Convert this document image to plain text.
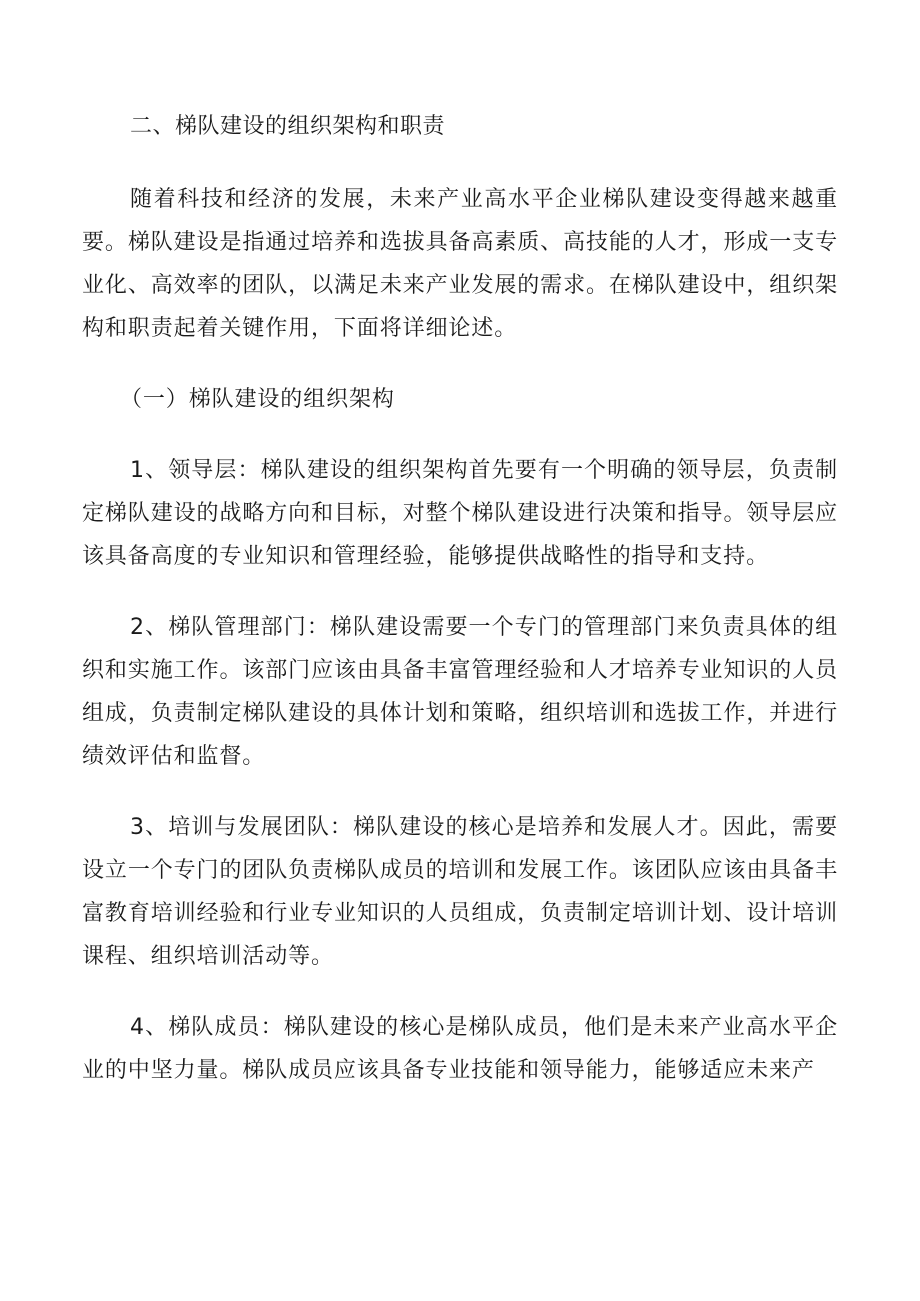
二、梯队建设的组织架构和职责

随着科技和经济的发展，未来产业高水平企业梯队建设变得越来越重要。梯队建设是指通过培养和选拔具备高素质、高技能的人才，形成一支专业化、高效率的团队，以满足未来产业发展的需求。在梯队建设中，组织架构和职责起着关键作用，下面将详细论述。

（一）梯队建设的组织架构

1、领导层：梯队建设的组织架构首先要有一个明确的领导层，负责制定梯队建设的战略方向和目标，对整个梯队建设进行决策和指导。领导层应该具备高度的专业知识和管理经验，能够提供战略性的指导和支持。

2、梯队管理部门：梯队建设需要一个专门的管理部门来负责具体的组织和实施工作。该部门应该由具备丰富管理经验和人才培养专业知识的人员组成，负责制定梯队建设的具体计划和策略，组织培训和选拔工作，并进行绩效评估和监督。

3、培训与发展团队：梯队建设的核心是培养和发展人才。因此，需要设立一个专门的团队负责梯队成员的培训和发展工作。该团队应该由具备丰富教育培训经验和行业专业知识的人员组成，负责制定培训计划、设计培训课程、组织培训活动等。

4、梯队成员：梯队建设的核心是梯队成员，他们是未来产业高水平企业的中坚力量。梯队成员应该具备专业技能和领导能力，能够适应未来产
